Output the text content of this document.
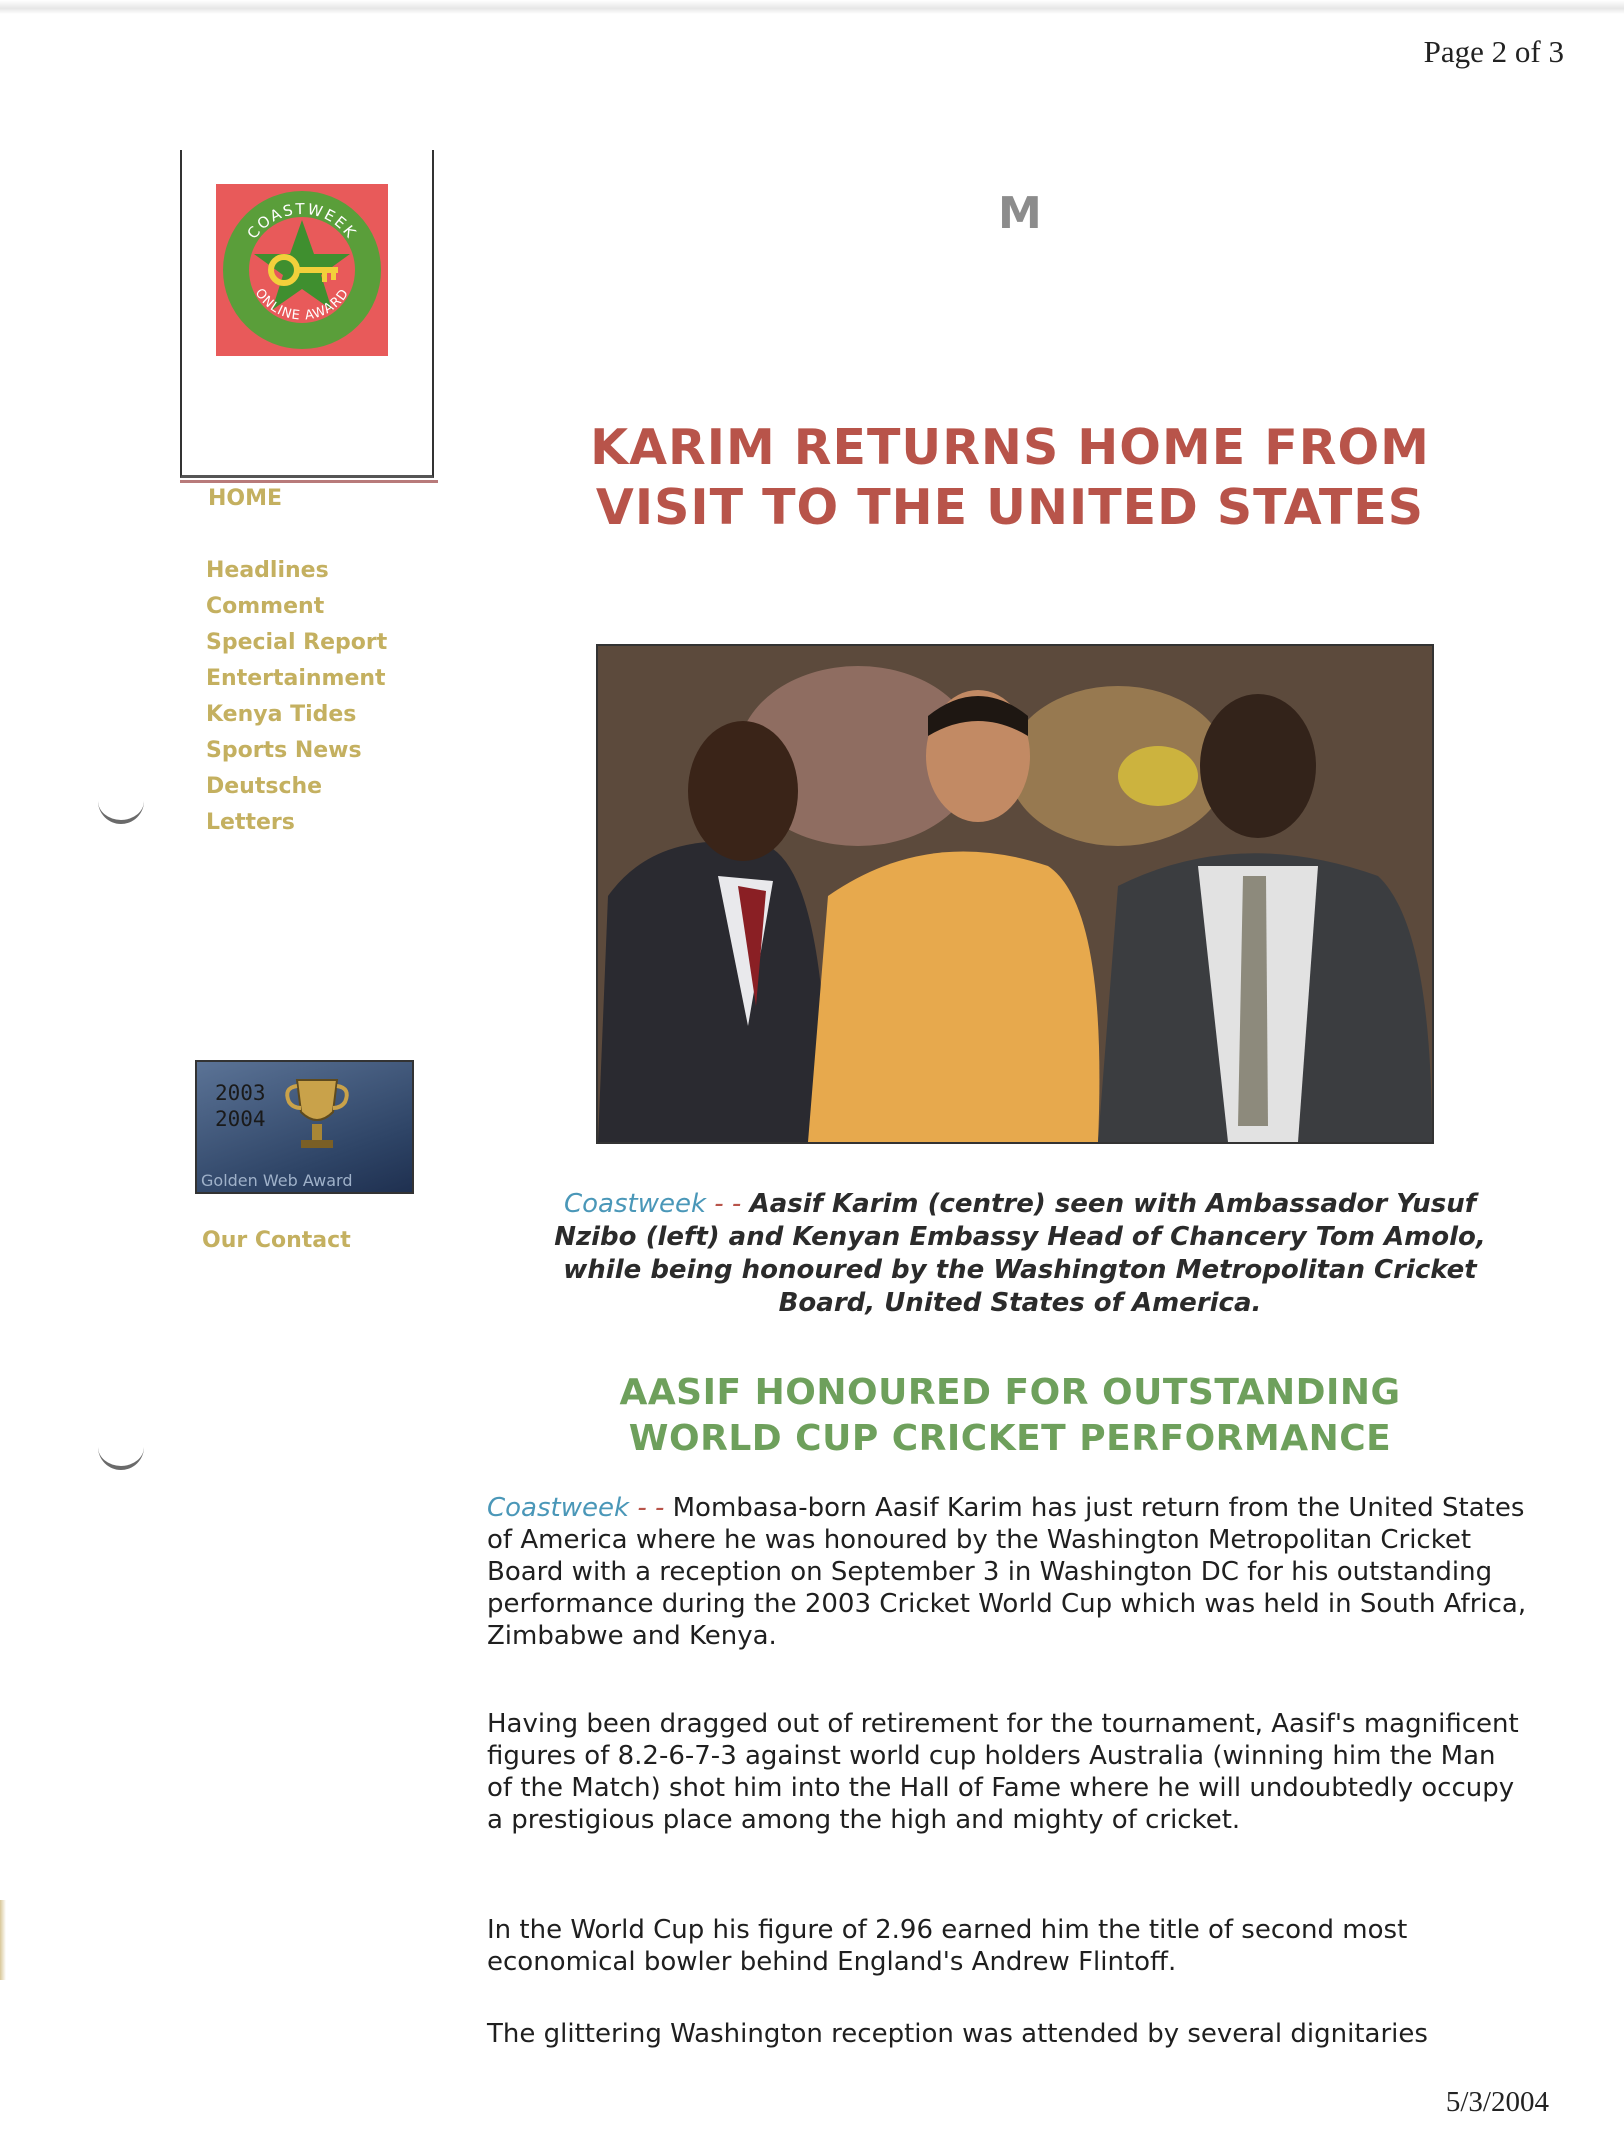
Page 2 of 3
COASTWEEK
ONLINE AWARD
HOME
Headlines
Comment
Special Report
Entertainment
Kenya Tides
Sports News
Deutsche
Letters
2003
2004
Golden Web Award
Our Contact
M
KARIM RETURNS HOME FROM
VISIT TO THE UNITED STATES

Coastweek - - Aasif Karim (centre) seen with Ambassador Yusuf Nzibo (left) and Kenyan Embassy Head of Chancery Tom Amolo, while being honoured by the Washington Metropolitan Cricket Board, United States of America.

AASIF HONOURED FOR OUTSTANDING
WORLD CUP CRICKET PERFORMANCE

Coastweek - - Mombasa-born Aasif Karim has just return from the United States of America where he was honoured by the Washington Metropolitan Cricket Board with a reception on September 3 in Washington DC for his outstanding performance during the 2003 Cricket World Cup which was held in South Africa, Zimbabwe and Kenya.

Having been dragged out of retirement for the tournament, Aasif's magnificent figures of 8.2-6-7-3 against world cup holders Australia (winning him the Man of the Match) shot him into the Hall of Fame where he will undoubtedly occupy a prestigious place among the high and mighty of cricket.

In the World Cup his figure of 2.96 earned him the title of second most economical bowler behind England's Andrew Flintoff.

The glittering Washington reception was attended by several dignitaries

5/3/2004
